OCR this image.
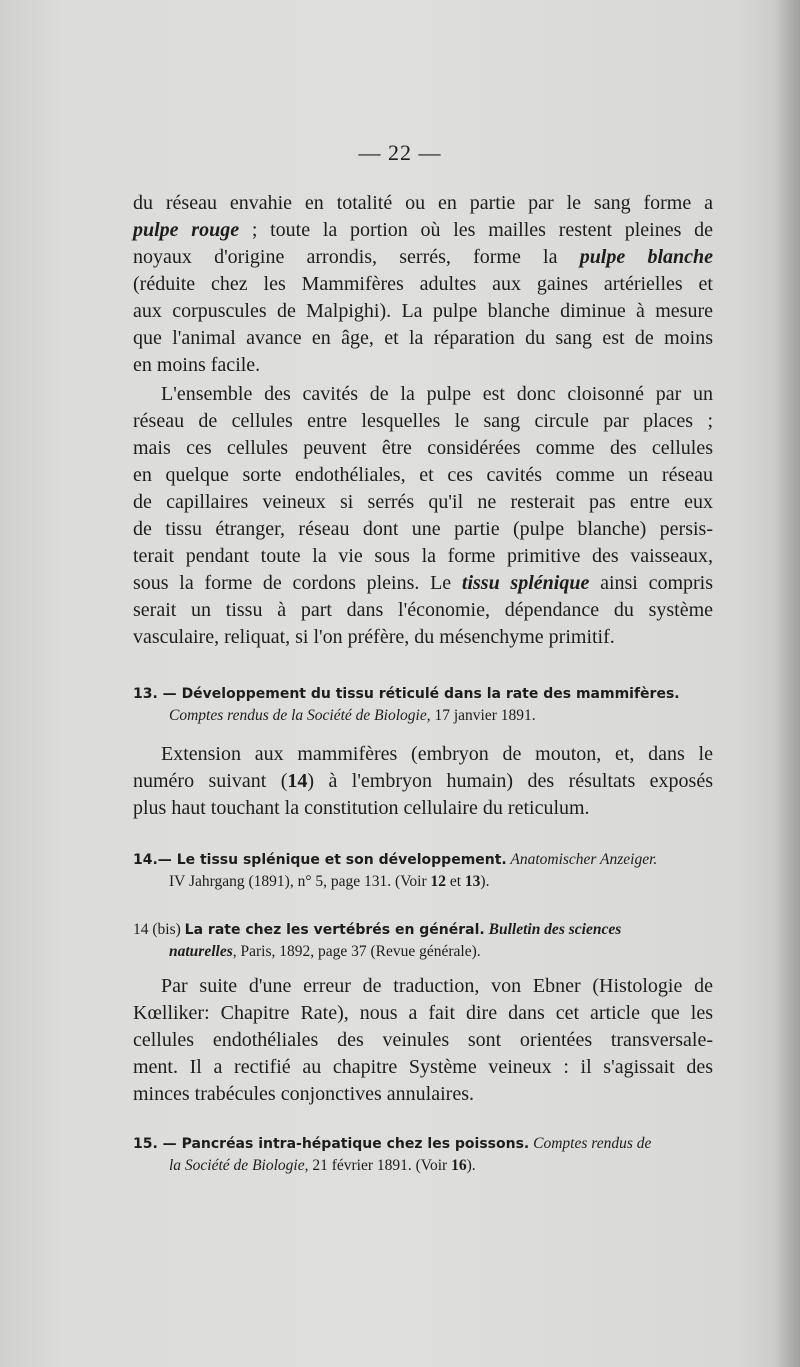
— 22 —
du réseau envahie en totalité ou en partie par le sang forme a
pulpe rouge ; toute la portion où les mailles restent pleines de
noyaux d'origine arrondis, serrés, forme la pulpe blanche
(réduite chez les Mammifères adultes aux gaines artérielles et
aux corpuscules de Malpighi). La pulpe blanche diminue à mesure
que l'animal avance en âge, et la réparation du sang est de moins
en moins facile.
L'ensemble des cavités de la pulpe est donc cloisonné par un
réseau de cellules entre lesquelles le sang circule par places ;
mais ces cellules peuvent être considérées comme des cellules
en quelque sorte endothéliales, et ces cavités comme un réseau
de capillaires veineux si serrés qu'il ne resterait pas entre eux
de tissu étranger, réseau dont une partie (pulpe blanche) persis-
terait pendant toute la vie sous la forme primitive des vaisseaux,
sous la forme de cordons pleins. Le tissu splénique ainsi compris
serait un tissu à part dans l'économie, dépendance du système
vasculaire, reliquat, si l'on préfère, du mésenchyme primitif.
13. — Développement du tissu réticulé dans la rate des mammifères.
Comptes rendus de la Société de Biologie, 17 janvier 1891.
Extension aux mammifères (embryon de mouton, et, dans le
numéro suivant (14) à l'embryon humain) des résultats exposés
plus haut touchant la constitution cellulaire du reticulum.
14.— Le tissu splénique et son développement. Anatomischer Anzeiger.
IV Jahrgang (1891), n° 5, page 131. (Voir 12 et 13).
14 (bis) La rate chez les vertébrés en général. Bulletin des sciences
naturelles, Paris, 1892, page 37 (Revue générale).
Par suite d'une erreur de traduction, von Ebner (Histologie de
Kœlliker: Chapitre Rate), nous a fait dire dans cet article que les
cellules endothéliales des veinules sont orientées transversale-
ment. Il a rectifié au chapitre Système veineux : il s'agissait des
minces trabécules conjonctives annulaires.
15. — Pancréas intra-hépatique chez les poissons. Comptes rendus de
la Société de Biologie, 21 février 1891. (Voir 16).
